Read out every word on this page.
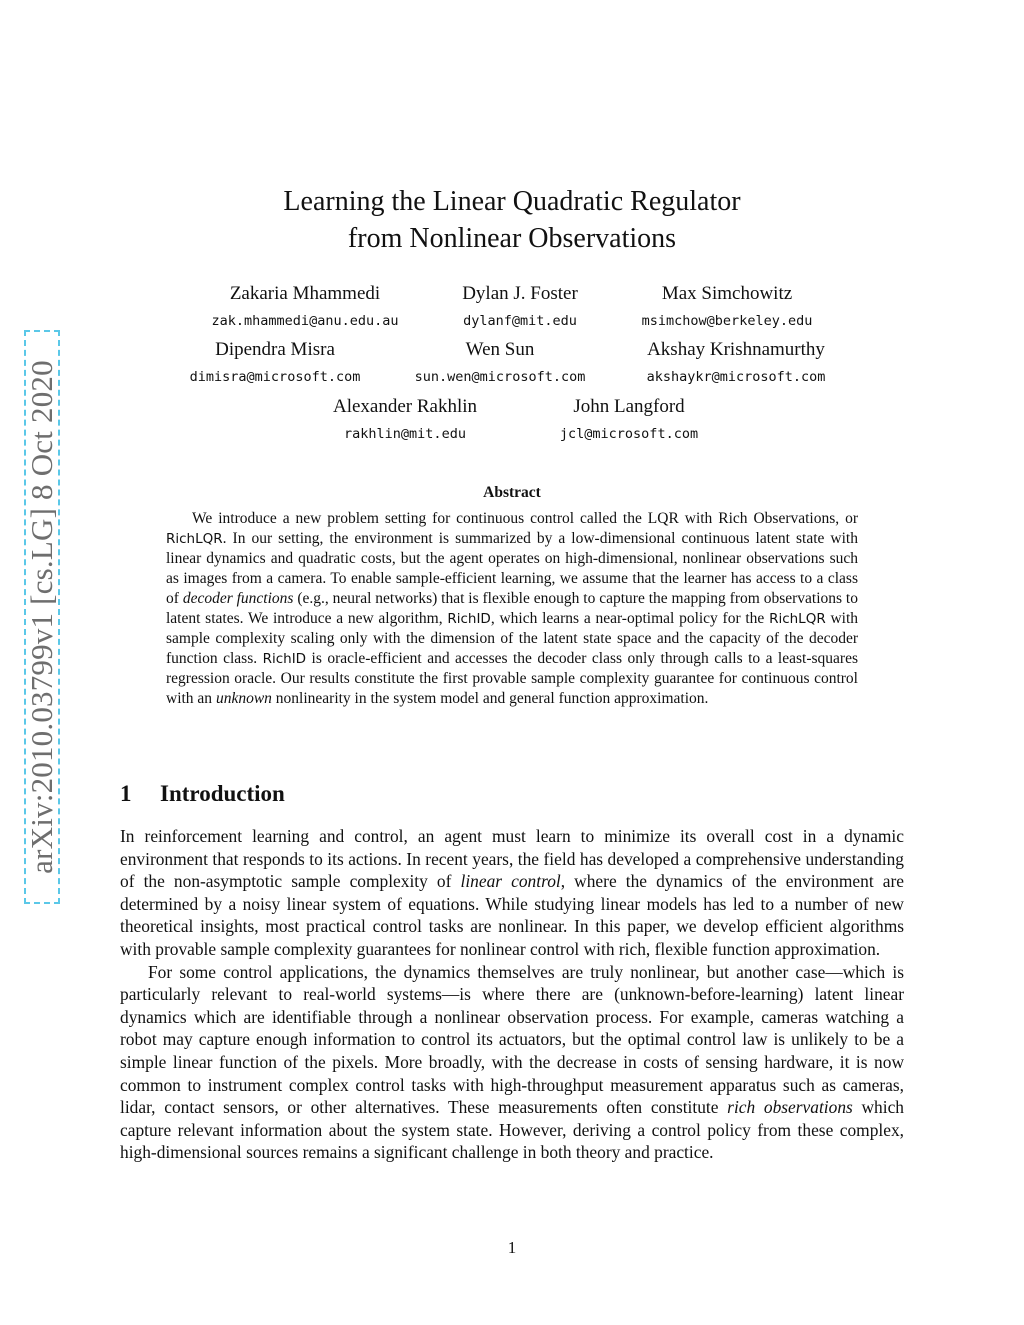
arXiv:2010.03799v1 [cs.LG] 8 Oct 2020
Learning the Linear Quadratic Regulator
from Nonlinear Observations
Zakaria Mhammedi
zak.mhammedi@anu.edu.au
Dylan J. Foster
dylanf@mit.edu
Max Simchowitz
msimchow@berkeley.edu
Dipendra Misra
dimisra@microsoft.com
Wen Sun
sun.wen@microsoft.com
Akshay Krishnamurthy
akshaykr@microsoft.com
Alexander Rakhlin
rakhlin@mit.edu
John Langford
jcl@microsoft.com
Abstract
We introduce a new problem setting for continuous control called the LQR with Rich Observations, or RichLQR. In our setting, the environment is summarized by a low-dimensional continuous latent state with linear dynamics and quadratic costs, but the agent operates on high-dimensional, nonlinear observations such as images from a camera. To enable sample-efficient learning, we assume that the learner has access to a class of decoder functions (e.g., neural networks) that is flexible enough to capture the mapping from observations to latent states. We introduce a new algorithm, RichID, which learns a near-optimal policy for the RichLQR with sample complexity scaling only with the dimension of the latent state space and the capacity of the decoder function class. RichID is oracle-efficient and accesses the decoder class only through calls to a least-squares regression oracle. Our results constitute the first provable sample complexity guarantee for continuous control with an unknown nonlinearity in the system model and general function approximation.
1 Introduction

In reinforcement learning and control, an agent must learn to minimize its overall cost in a dynamic environment that responds to its actions. In recent years, the field has developed a comprehensive understanding of the non-asymptotic sample complexity of linear control, where the dynamics of the environment are determined by a noisy linear system of equations. While studying linear models has led to a number of new theoretical insights, most practical control tasks are nonlinear. In this paper, we develop efficient algorithms with provable sample complexity guarantees for nonlinear control with rich, flexible function approximation.

For some control applications, the dynamics themselves are truly nonlinear, but another case—which is particularly relevant to real-world systems—is where there are (unknown-before-learning) latent linear dynamics which are identifiable through a nonlinear observation process. For example, cameras watching a robot may capture enough information to control its actuators, but the optimal control law is unlikely to be a simple linear function of the pixels. More broadly, with the decrease in costs of sensing hardware, it is now common to instrument complex control tasks with high-throughput measurement apparatus such as cameras, lidar, contact sensors, or other alternatives. These measurements often constitute rich observations which capture relevant information about the system state. However, deriving a control policy from these complex, high-dimensional sources remains a significant challenge in both theory and practice.

1
